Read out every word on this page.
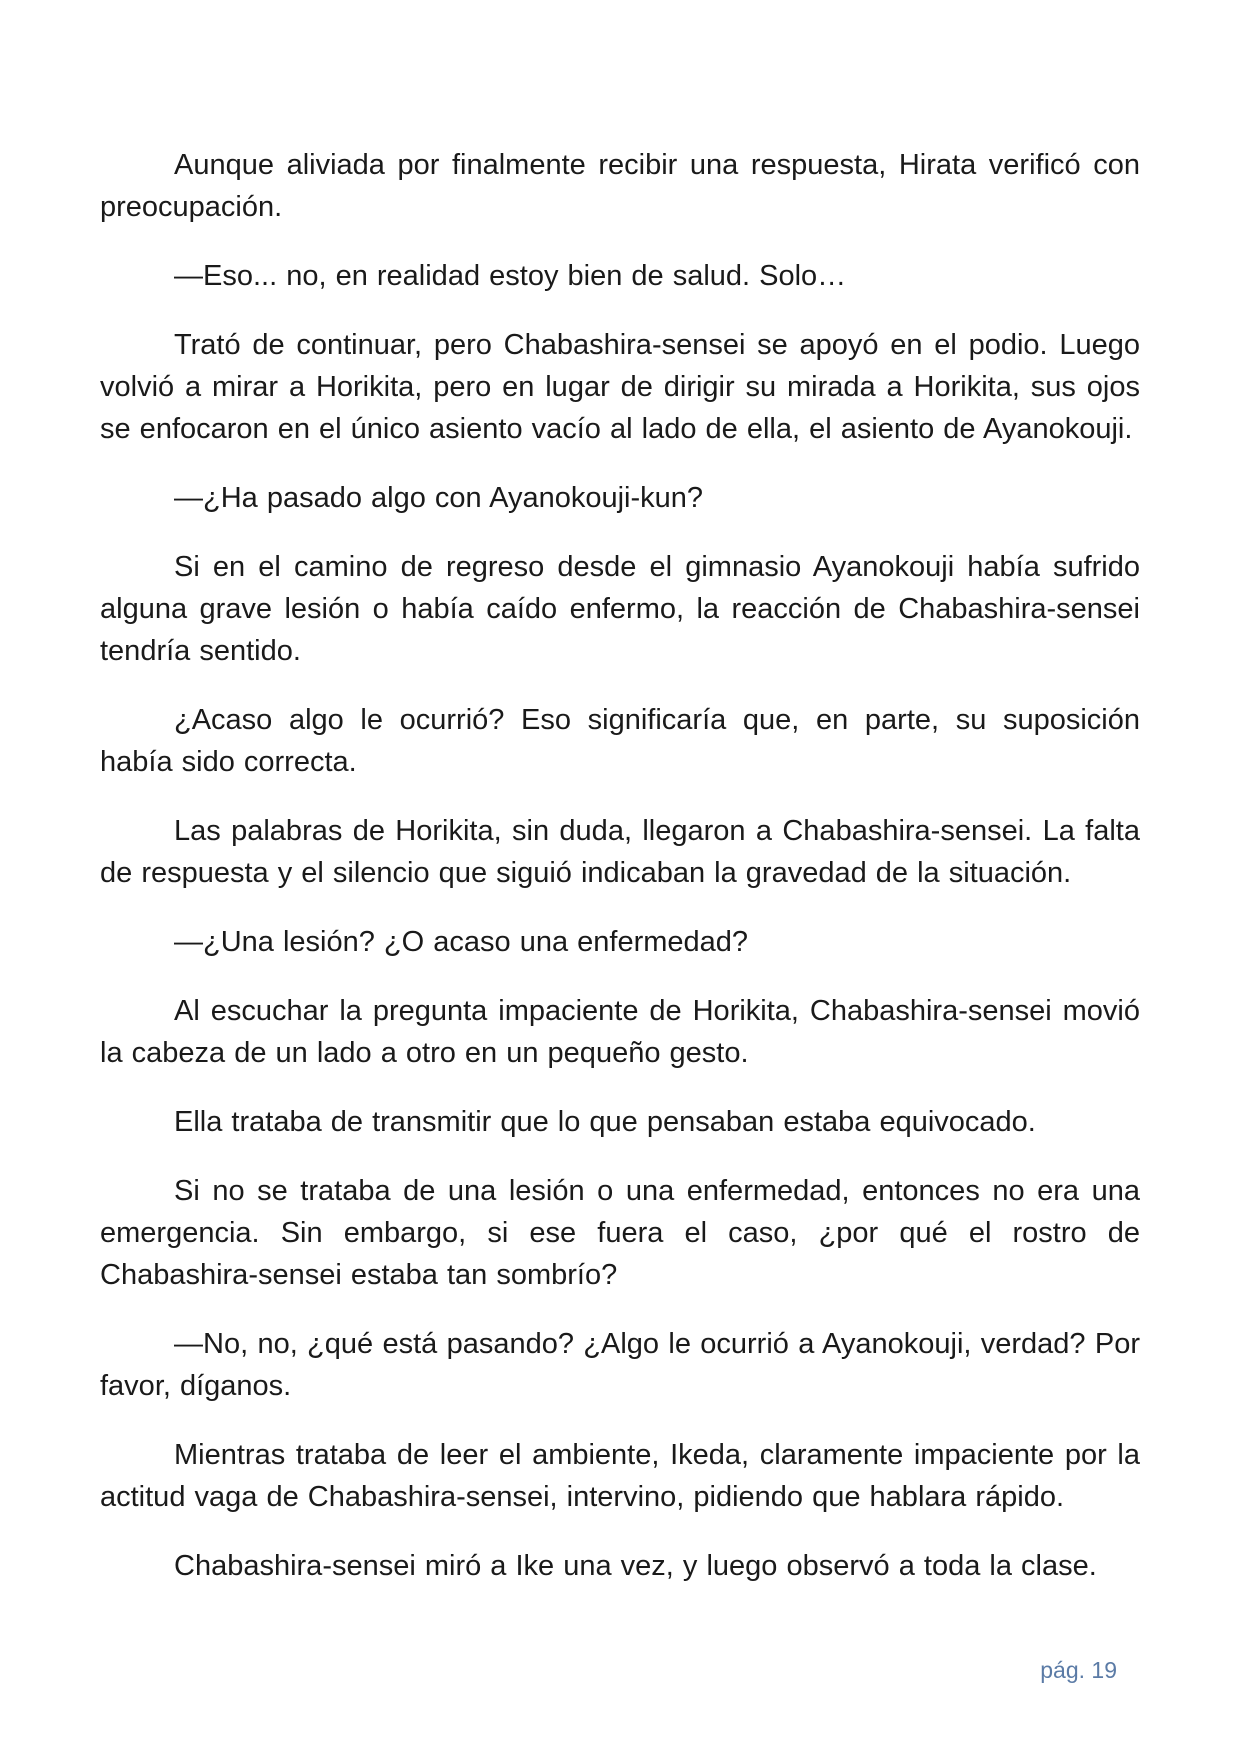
Aunque aliviada por finalmente recibir una respuesta, Hirata verificó con preocupación.

—Eso... no, en realidad estoy bien de salud. Solo…

Trató de continuar, pero Chabashira-sensei se apoyó en el podio. Luego volvió a mirar a Horikita, pero en lugar de dirigir su mirada a Horikita, sus ojos se enfocaron en el único asiento vacío al lado de ella, el asiento de Ayanokouji.

—¿Ha pasado algo con Ayanokouji-kun?

Si en el camino de regreso desde el gimnasio Ayanokouji había sufrido alguna grave lesión o había caído enfermo, la reacción de Chabashira-sensei tendría sentido.

¿Acaso algo le ocurrió? Eso significaría que, en parte, su suposición había sido correcta.

Las palabras de Horikita, sin duda, llegaron a Chabashira-sensei. La falta de respuesta y el silencio que siguió indicaban la gravedad de la situación.

—¿Una lesión? ¿O acaso una enfermedad?

Al escuchar la pregunta impaciente de Horikita, Chabashira-sensei movió la cabeza de un lado a otro en un pequeño gesto.

Ella trataba de transmitir que lo que pensaban estaba equivocado.

Si no se trataba de una lesión o una enfermedad, entonces no era una emergencia. Sin embargo, si ese fuera el caso, ¿por qué el rostro de Chabashira-sensei estaba tan sombrío?

—No, no, ¿qué está pasando? ¿Algo le ocurrió a Ayanokouji, verdad? Por favor, díganos.

Mientras trataba de leer el ambiente, Ikeda, claramente impaciente por la actitud vaga de Chabashira-sensei, intervino, pidiendo que hablara rápido.

Chabashira-sensei miró a Ike una vez, y luego observó a toda la clase.

pág. 19
